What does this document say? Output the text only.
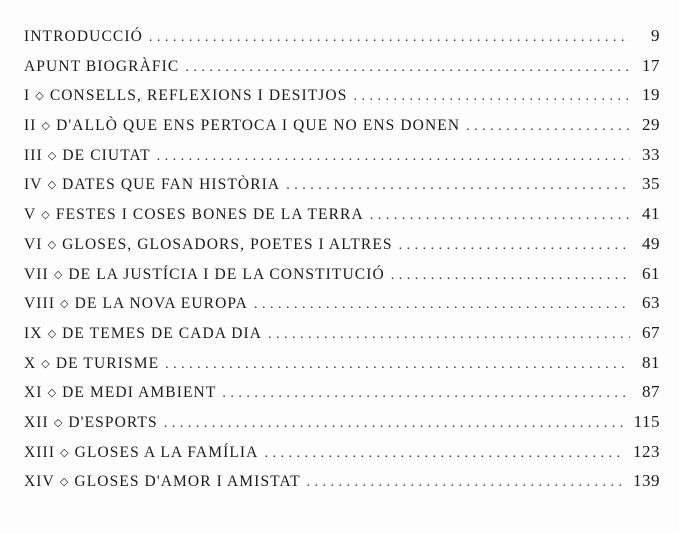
INTRODUCCIÓ . . .	9
APUNT BIOGRÀFIC . . .	17
I ◇ CONSELLS, REFLEXIONS I DESITJOS . . .	19
II ◇ D'ALLÒ QUE ENS PERTOCA I QUE NO ENS DONEN . . .	29
III ◇ DE CIUTAT . . .	33
IV ◇ DATES QUE FAN HISTÒRIA . . .	35
V ◇ FESTES I COSES BONES DE LA TERRA . . .	41
VI ◇ GLOSES, GLOSADORS, POETES I ALTRES . . .	49
VII ◇ DE LA JUSTÍCIA I DE LA CONSTITUCIÓ . . .	61
VIII ◇ DE LA NOVA EUROPA . . .	63
IX ◇ DE TEMES DE CADA DIA . . .	67
X ◇ DE TURISME . . .	81
XI ◇ DE MEDI AMBIENT . . .	87
XII ◇ D'ESPORTS . . .	115
XIII ◇ GLOSES A LA FAMÍLIA . . .	123
XIV ◇ GLOSES D'AMOR I AMISTAT . . .	139
